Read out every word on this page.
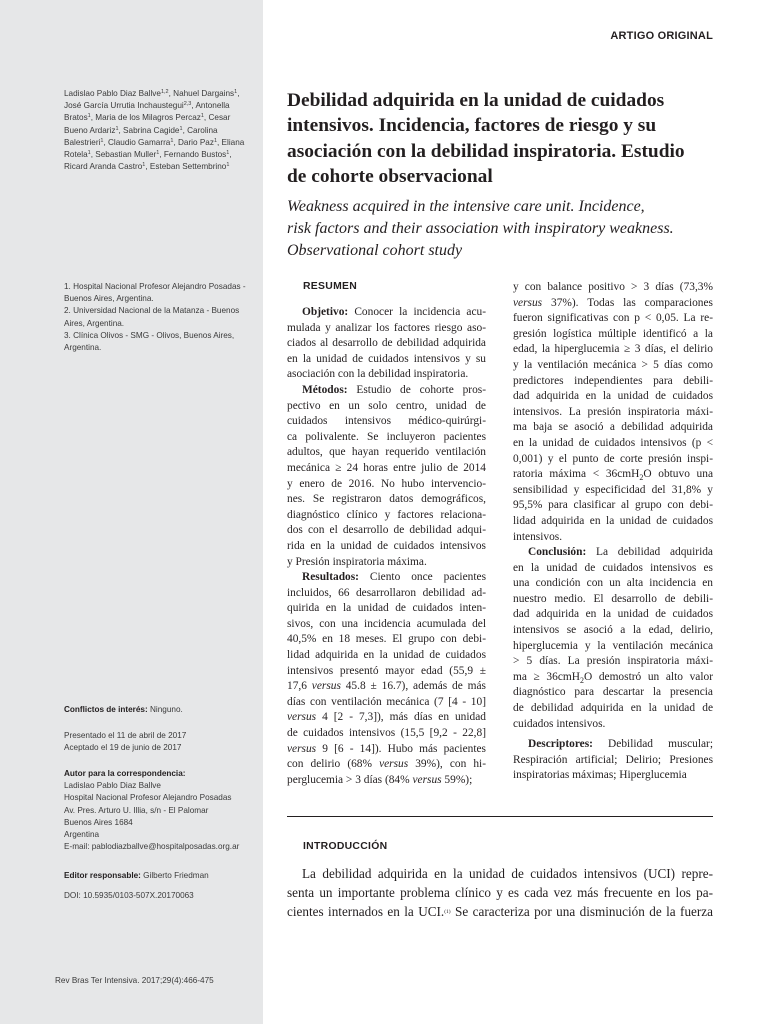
Ladislao Pablo Diaz Ballve$^{1,2}$, Nahuel Dargains$^1$,
José García Urrutia Inchaustegui$^{2,3}$, Antonella
Bratos$^1$, Maria de los Milagros Percaz$^1$, Cesar
Bueno Ardariz$^1$, Sabrina Cagide$^1$, Carolina
Balestrieri$^1$, Claudio Gamarra$^1$, Dario Paz$^1$, Eliana
Rotela$^1$, Sebastian Muller$^1$, Fernando Bustos$^1$,
Ricard Aranda Castro$^1$, Esteban Settembrino$^1$
1. Hospital Nacional Profesor Alejandro Posadas -
Buenos Aires, Argentina.
2. Universidad Nacional de la Matanza - Buenos
Aires, Argentina.
3. Clínica Olivos - SMG - Olivos, Buenos Aires,
Argentina.
Conflictos de interés: Ninguno.
Presentado el 11 de abril de 2017
Aceptado el 19 de junio de 2017
Autor para la correspondencia:
Ladislao Pablo Diaz Ballve
Hospital Nacional Profesor Alejandro Posadas
Av. Pres. Arturo U. Illia, s/n - El Palomar
Buenos Aires 1684
Argentina
E-mail: pablodiazballve@hospitalposadas.org.ar
Editor responsable: Gilberto Friedman
DOI: 10.5935/0103-507X.20170063
ARTIGO ORIGINAL
Debilidad adquirida en la unidad de cuidados
intensivos. Incidencia, factores de riesgo y su
asociación con la debilidad inspiratoria. Estudio
de cohorte observacional
Weakness acquired in the intensive care unit. Incidence,
risk factors and their association with inspiratory weakness.
Observational cohort study
RESUMEN
Objetivo: Conocer la incidencia acu-
mulada y analizar los factores riesgo aso-
ciados al desarrollo de debilidad adquirida
en la unidad de cuidados intensivos y su
asociación con la debilidad inspiratoria.
Métodos: Estudio de cohorte pros-
pectivo en un solo centro, unidad de
cuidados intensivos médico-quirúrgi-
ca polivalente. Se incluyeron pacientes
adultos, que hayan requerido ventilación
mecánica ≥ 24 horas entre julio de 2014
y enero de 2016. No hubo intervencio-
nes. Se registraron datos demográficos,
diagnóstico clínico y factores relaciona-
dos con el desarrollo de debilidad adqui-
rida en la unidad de cuidados intensivos
y Presión inspiratoria máxima.
Resultados: Ciento once pacientes
incluidos, 66 desarrollaron debilidad ad-
quirida en la unidad de cuidados inten-
sivos, con una incidencia acumulada del
40,5% en 18 meses. El grupo con debi-
lidad adquirida en la unidad de cuidados
intensivos presentó mayor edad (55,9 ±
17,6 versus 45.8 ± 16.7), además de más
días con ventilación mecánica (7 [4 - 10]
versus 4 [2 - 7,3]), más días en unidad
de cuidados intensivos (15,5 [9,2 - 22,8]
versus 9 [6 - 14]). Hubo más pacientes
con delirio (68% versus 39%), con hi-
perglucemia > 3 días (84% versus 59%);
y con balance positivo > 3 días (73,3%
versus 37%). Todas las comparaciones
fueron significativas con p < 0,05. La re-
gresión logística múltiple identificó a la
edad, la hiperglucemia ≥ 3 días, el delirio
y la ventilación mecánica > 5 días como
predictores independientes para debili-
dad adquirida en la unidad de cuidados
intensivos. La presión inspiratoria máxi-
ma baja se asoció a debilidad adquirida
en la unidad de cuidados intensivos (p <
0,001) y el punto de corte presión inspi-
ratoria máxima < 36cmH$_2$O obtuvo una
sensibilidad y especificidad del 31,8% y
95,5% para clasificar al grupo con debi-
lidad adquirida en la unidad de cuidados
intensivos.
Conclusión: La debilidad adquirida
en la unidad de cuidados intensivos es
una condición con un alta incidencia en
nuestro medio. El desarrollo de debili-
dad adquirida en la unidad de cuidados
intensivos se asoció a la edad, delirio,
hiperglucemia y la ventilación mecánica
> 5 días. La presión inspiratoria máxi-
ma ≥ 36cmH$_2$O demostró un alto valor
diagnóstico para descartar la presencia
de debilidad adquirida en la unidad de
cuidados intensivos.
Descriptores: Debilidad muscular;
Respiración artificial; Delirio; Presiones
inspiratorias máximas; Hiperglucemia
INTRODUCCIÓN
La debilidad adquirida en la unidad de cuidados intensivos (UCI) repre-
senta un importante problema clínico y es cada vez más frecuente en los pa-
cientes internados en la UCI.$^{(1)}$ Se caracteriza por una disminución de la fuerza
Rev Bras Ter Intensiva. 2017;29(4):466-475
